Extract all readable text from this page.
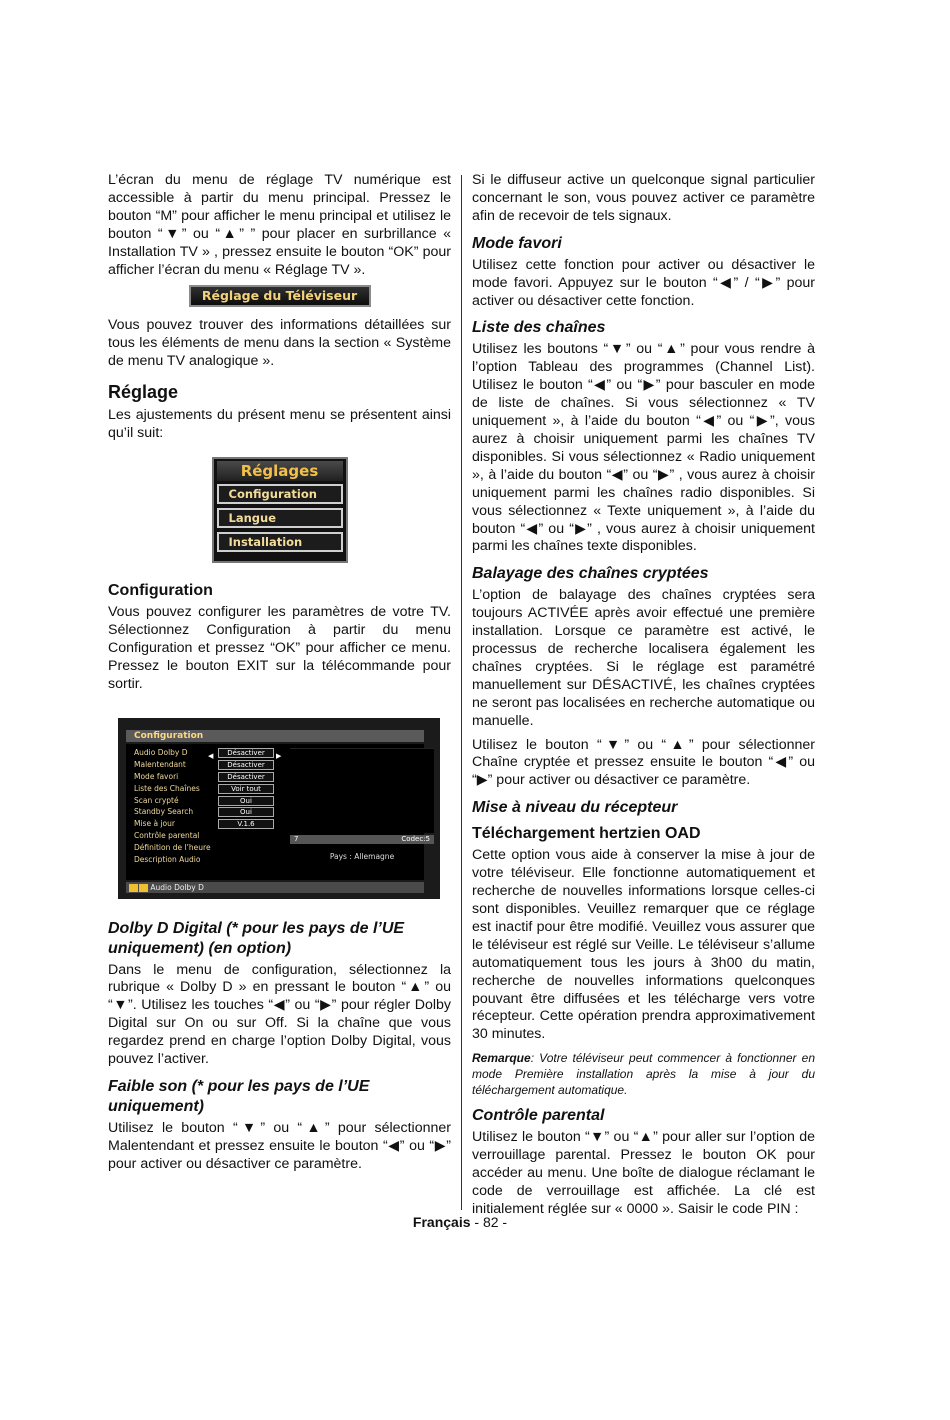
L’écran du menu de réglage TV numérique est accessible à partir du menu principal. Pressez le bouton “M” pour afficher le menu principal et utilisez le bouton “▼” ou “▲” ” pour placer en surbrillance « Installation TV » , pressez ensuite le bouton “OK” pour afficher l’écran du menu « Réglage TV ».

Réglage du Téléviseur

Vous pouvez trouver des informations détaillées sur tous les éléments de menu dans la section « Système de menu TV analogique ».

Réglage

Les ajustements du présent menu se présentent ainsi qu’il suit:

Réglages
Configuration
Langue
Installation
Configuration

Vous pouvez configurer les paramètres de votre TV. Sélectionnez Configuration à partir du menu Configuration et pressez “OK” pour afficher ce menu. Pressez le bouton EXIT sur la télécommande pour sortir.

Configuration
Audio Dolby D	Désactiver
Malentendant	Désactiver
Mode favori	Désactiver
Liste des Chaînes	Voir tout
Scan crypté	Oui
Standby Search	Oui
Mise à jour	V.1.6
Contrôle parental
Définition de l’heure
Description Audio
◀	▶
7	Codec:5
Pays : Allemagne
Audio Dolby D
Dolby D Digital (* pour les pays de l’UE uniquement) (en option)

Dans le menu de configuration, sélectionnez la rubrique « Dolby D » en pressant le bouton “▲” ou “▼”. Utilisez les touches “◀” ou “▶” pour régler Dolby Digital sur On ou sur Off. Si la chaîne que vous regardez prend en charge l’option Dolby Digital, vous pouvez l’activer.

Faible son (* pour les pays de l’UE uniquement)

Utilisez le bouton “▼” ou “▲” pour sélectionner Malentendant et pressez ensuite le bouton “◀” ou “▶” pour activer ou désactiver ce paramètre.

Si le diffuseur active un quelconque signal particulier concernant le son, vous pouvez activer ce paramètre afin de recevoir de tels signaux.

Mode favori

Utilisez cette fonction pour activer ou désactiver le mode favori. Appuyez sur le bouton “◀” / “▶” pour activer ou désactiver cette fonction.

Liste des chaînes

Utilisez les boutons “▼” ou “▲” pour vous rendre à l’option Tableau des programmes (Channel List). Utilisez le bouton “◀” ou “▶” pour basculer en mode de liste de chaînes. Si vous sélectionnez « TV uniquement », à l’aide du bouton “◀” ou “▶”, vous aurez à choisir uniquement parmi les chaînes TV disponibles. Si vous sélectionnez « Radio uniquement », à l’aide du bouton “◀” ou “▶” , vous aurez à choisir uniquement parmi les chaînes radio disponibles. Si vous sélectionnez « Texte uniquement », à l’aide du bouton “◀” ou “▶” , vous aurez à choisir uniquement parmi les chaînes texte disponibles.

Balayage des chaînes cryptées

L’option de balayage des chaînes cryptées sera toujours ACTIVÉE après avoir effectué une première installation. Lorsque ce paramètre est activé, le processus de recherche localisera également les chaînes cryptées. Si le réglage est paramétré manuellement sur DÉSACTIVÉ, les chaînes cryptées ne seront pas localisées en recherche automatique ou manuelle.

Utilisez le bouton “▼” ou “▲” pour sélectionner Chaîne cryptée et pressez ensuite le bouton “◀” ou “▶” pour activer ou désactiver ce paramètre.

Mise à niveau du récepteur
Téléchargement hertzien OAD

Cette option vous aide à conserver la mise à jour de votre téléviseur. Elle fonctionne automatiquement et recherche de nouvelles informations lorsque celles-ci sont disponibles. Veuillez remarquer que ce réglage est inactif pour être modifié. Veuillez vous assurer que le téléviseur est réglé sur Veille. Le téléviseur s’allume automatiquement tous les jours à 3h00 du matin, recherche de nouvelles informations quelconques pouvant être diffusées et les télécharge vers votre récepteur. Cette opération prendra approximativement 30 minutes.

Remarque: Votre téléviseur peut commencer à fonctionner en mode Première installation après la mise à jour du téléchargement automatique.

Contrôle parental

Utilisez le bouton “▼” ou “▲” pour aller sur l’option de verrouillage parental. Pressez le bouton OK pour accéder au menu. Une boîte de dialogue réclamant le code de verrouillage est affichée. La clé est initialement réglée sur « 0000 ». Saisir le code PIN :

Français - 82 -
